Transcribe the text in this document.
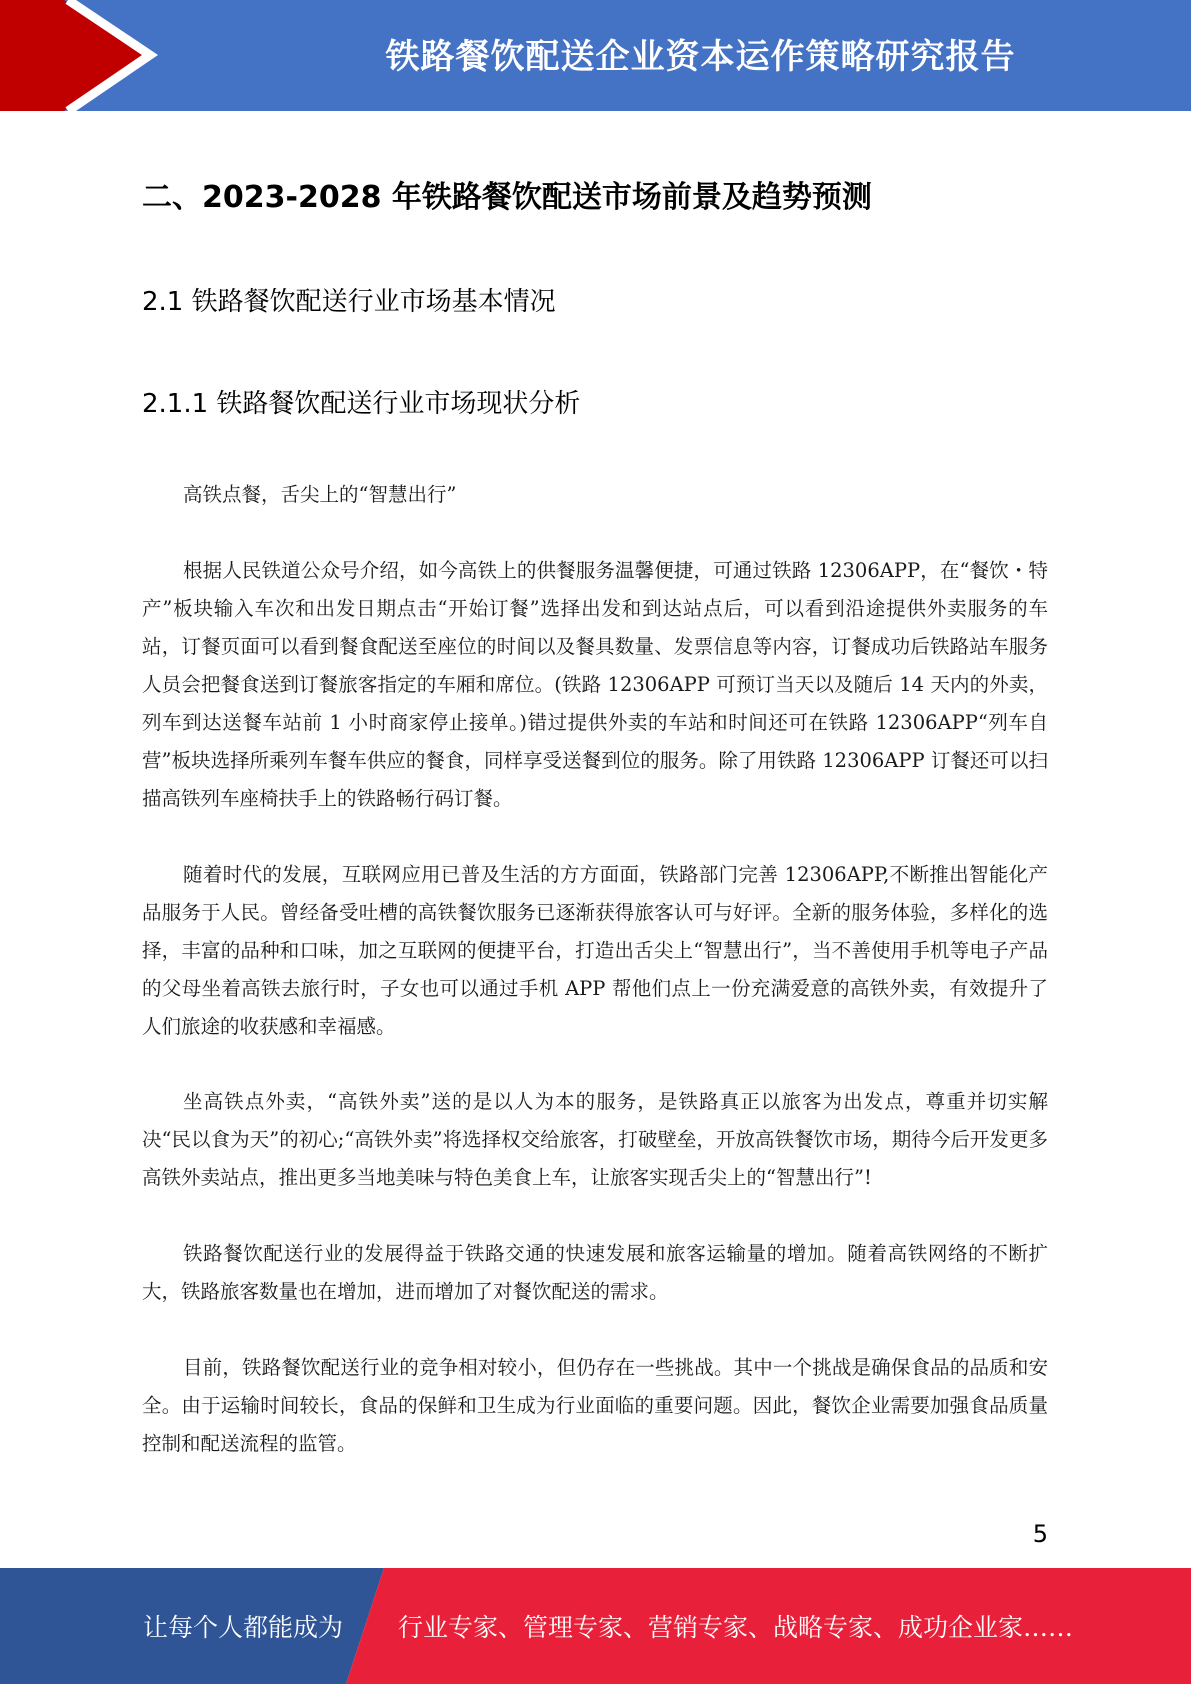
铁路餐饮配送企业资本运作策略研究报告
二、2023-2028 年铁路餐饮配送市场前景及趋势预测
2.1 铁路餐饮配送行业市场基本情况
2.1.1 铁路餐饮配送行业市场现状分析

高铁点餐，舌尖上的“智慧出行”

根据人民铁道公众号介绍，如今高铁上的供餐服务温馨便捷，可通过铁路 12306APP，在“餐饮・特产”板块输入车次和出发日期点击“开始订餐”选择出发和到达站点后，可以看到沿途提供外卖服务的车站，订餐页面可以看到餐食配送至座位的时间以及餐具数量、发票信息等内容，订餐成功后铁路站车服务人员会把餐食送到订餐旅客指定的车厢和席位。(铁路 12306APP 可预订当天以及随后 14 天内的外卖，列车到达送餐车站前 1 小时商家停止接单。)错过提供外卖的车站和时间还可在铁路 12306APP“列车自营”板块选择所乘列车餐车供应的餐食，同样享受送餐到位的服务。除了用铁路 12306APP 订餐还可以扫描高铁列车座椅扶手上的铁路畅行码订餐。

随着时代的发展，互联网应用已普及生活的方方面面，铁路部门完善 12306APP,不断推出智能化产品服务于人民。曾经备受吐槽的高铁餐饮服务已逐渐获得旅客认可与好评。全新的服务体验，多样化的选择，丰富的品种和口味，加之互联网的便捷平台，打造出舌尖上“智慧出行”，当不善使用手机等电子产品的父母坐着高铁去旅行时，子女也可以通过手机 APP 帮他们点上一份充满爱意的高铁外卖，有效提升了人们旅途的收获感和幸福感。

坐高铁点外卖，“高铁外卖”送的是以人为本的服务，是铁路真正以旅客为出发点，尊重并切实解决“民以食为天”的初心;“高铁外卖”将选择权交给旅客，打破壁垒，开放高铁餐饮市场，期待今后开发更多高铁外卖站点，推出更多当地美味与特色美食上车，让旅客实现舌尖上的“智慧出行”!

铁路餐饮配送行业的发展得益于铁路交通的快速发展和旅客运输量的增加。随着高铁网络的不断扩大，铁路旅客数量也在增加，进而增加了对餐饮配送的需求。

目前，铁路餐饮配送行业的竞争相对较小，但仍存在一些挑战。其中一个挑战是确保食品的品质和安全。由于运输时间较长，食品的保鲜和卫生成为行业面临的重要问题。因此，餐饮企业需要加强食品质量控制和配送流程的监管。

5
让每个人都能成为 行业专家、管理专家、营销专家、战略专家、成功企业家……
